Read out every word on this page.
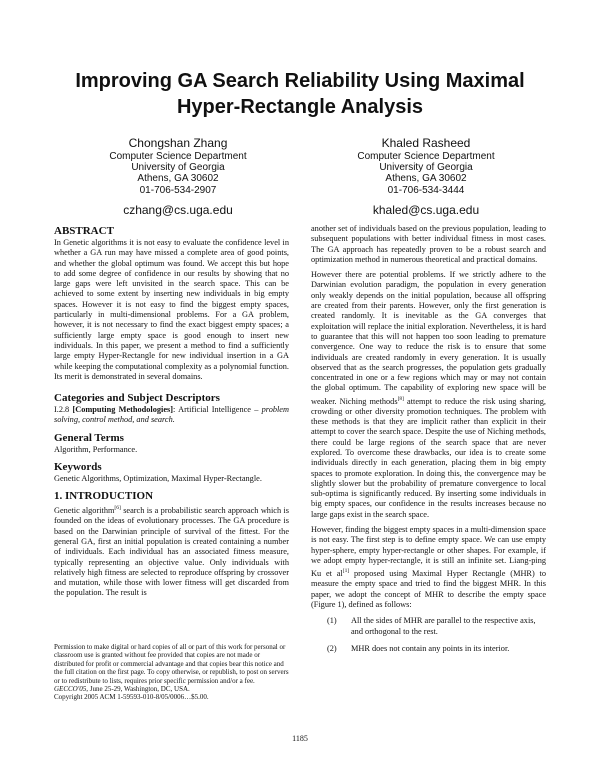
Improving GA Search Reliability Using Maximal
Hyper-Rectangle Analysis
Chongshan Zhang
Computer Science Department
University of Georgia
Athens, GA 30602
01-706-534-2907
czhang@cs.uga.edu
Khaled Rasheed
Computer Science Department
University of Georgia
Athens, GA 30602
01-706-534-3444
khaled@cs.uga.edu
ABSTRACT

In Genetic algorithms it is not easy to evaluate the confidence level in whether a GA run may have missed a complete area of good points, and whether the global optimum was found. We accept this but hope to add some degree of confidence in our results by showing that no large gaps were left unvisited in the search space. This can be achieved to some extent by inserting new individuals in big empty spaces. However it is not easy to find the biggest empty spaces, particularly in multi-dimensional problems. For a GA problem, however, it is not necessary to find the exact biggest empty spaces; a sufficiently large empty space is good enough to insert new individuals. In this paper, we present a method to find a sufficiently large empty Hyper-Rectangle for new individual insertion in a GA while keeping the computational complexity as a polynomial function. Its merit is demonstrated in several domains.

Categories and Subject Descriptors

I.2.8 [Computing Methodologies]: Artificial Intelligence – problem solving, control method, and search.

General Terms

Algorithm, Performance.

Keywords

Genetic Algorithms, Optimization, Maximal Hyper-Rectangle.

1. INTRODUCTION

Genetic algorithm[6] search is a probabilistic search approach which is founded on the ideas of evolutionary processes. The GA procedure is based on the Darwinian principle of survival of the fittest. For the general GA, first an initial population is created containing a number of individuals. Each individual has an associated fitness measure, typically representing an objective value. Only individuals with relatively high fitness are selected to reproduce offspring by crossover and mutation, while those with lower fitness will get discarded from the population. The result is

Permission to make digital or hard copies of all or part of this work for personal or classroom use is granted without fee provided that copies are not made or distributed for profit or commercial advantage and that copies bear this notice and the full citation on the first page. To copy otherwise, or republish, to post on servers or to redistribute to lists, requires prior specific permission and/or a fee.

GECCO'05, June 25-29, Washington, DC, USA.

Copyright 2005 ACM 1-59593-010-8/05/0006…$5.00.

another set of individuals based on the previous population, leading to subsequent populations with better individual fitness in most cases. The GA approach has repeatedly proven to be a robust search and optimization method in numerous theoretical and practical domains.

However there are potential problems. If we strictly adhere to the Darwinian evolution paradigm, the population in every generation only weakly depends on the initial population, because all offspring are created from their parents. However, only the first generation is created randomly. It is inevitable as the GA converges that exploitation will replace the initial exploration. Nevertheless, it is hard to guarantee that this will not happen too soon leading to premature convergence. One way to reduce the risk is to ensure that some individuals are created randomly in every generation. It is usually observed that as the search progresses, the population gets gradually concentrated in one or a few regions which may or may not contain the global optimum. The capability of exploring new space will be weaker. Niching methods[8] attempt to reduce the risk using sharing, crowding or other diversity promotion techniques. The problem with these methods is that they are implicit rather than explicit in their attempt to cover the search space. Despite the use of Niching methods, there could be large regions of the search space that are never explored. To overcome these drawbacks, our idea is to create some individuals directly in each generation, placing them in big empty spaces to promote exploration. In doing this, the convergence may be slightly slower but the probability of premature convergence to local sub-optima is significantly reduced. By inserting some individuals in big empty spaces, our confidence in the results increases because no large gaps exist in the search space.

However, finding the biggest empty spaces in a multi-dimension space is not easy. The first step is to define empty space. We can use empty hyper-sphere, empty hyper-rectangle or other shapes. For example, if we adopt empty hyper-rectangle, it is still an infinite set. Liang-ping Ku et al[1] proposed using Maximal Hyper Rectangle (MHR) to measure the empty space and tried to find the biggest MHR. In this paper, we adopt the concept of MHR to describe the empty space (Figure 1), defined as follows:

(1)	All the sides of MHR are parallel to the respective axis, and orthogonal to the rest.
(2)	MHR does not contain any points in its interior.
1185
